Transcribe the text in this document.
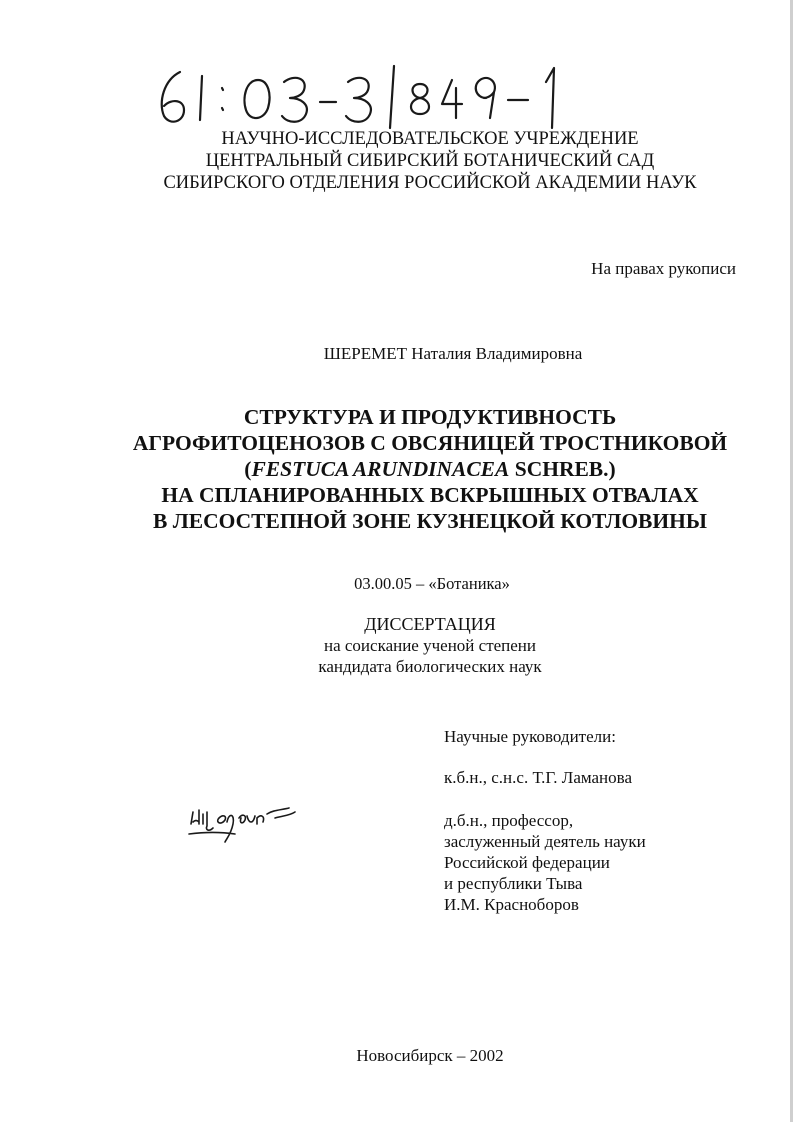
НАУЧНО-ИССЛЕДОВАТЕЛЬСКОЕ УЧРЕЖДЕНИЕ
ЦЕНТРАЛЬНЫЙ СИБИРСКИЙ БОТАНИЧЕСКИЙ САД
СИБИРСКОГО ОТДЕЛЕНИЯ РОССИЙСКОЙ АКАДЕМИИ НАУК
На правах рукописи
ШЕРЕМЕТ Наталия Владимировна
СТРУКТУРА И ПРОДУКТИВНОСТЬ
АГРОФИТОЦЕНОЗОВ С ОВСЯНИЦЕЙ ТРОСТНИКОВОЙ
(FESTUCA ARUNDINACEA SCHREB.)
НА СПЛАНИРОВАННЫХ ВСКРЫШНЫХ ОТВАЛАХ
В ЛЕСОСТЕПНОЙ ЗОНЕ КУЗНЕЦКОЙ КОТЛОВИНЫ
03.00.05 – «Ботаника»
ДИССЕРТАЦИЯ
на соискание ученой степени
кандидата биологических наук
Научные руководители:
к.б.н., с.н.с. Т.Г. Ламанова
д.б.н., профессор,
заслуженный деятель науки
Российской федерации
и республики Тыва
И.М. Красноборов
Новосибирск – 2002
